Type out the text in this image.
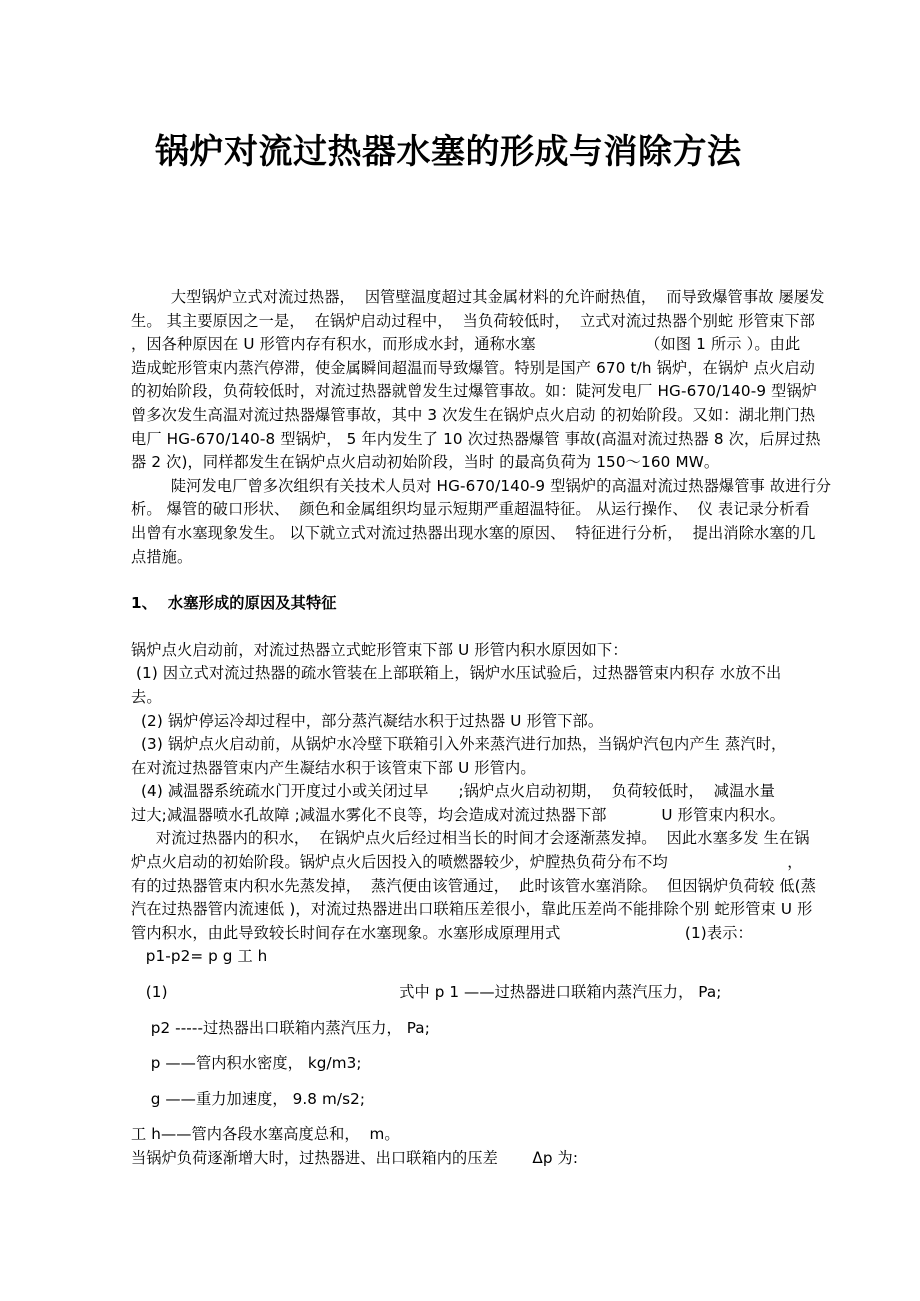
锅炉对流过热器水塞的形成与消除方法
大型锅炉立式对流过热器，  因管壁温度超过其金属材料的允许耐热值，  而导致爆管事故 屡屡发
生。 其主要原因之一是，  在锅炉启动过程中，  当负荷较低时，  立式对流过热器个别蛇 形管束下部
，因各种原因在 U 形管内存有积水，而形成水封，通称水塞                      （如图 1 所示 ）。由此
造成蛇形管束内蒸汽停滞，使金属瞬间超温而导致爆管。特别是国产 670 t/h 锅炉，在锅炉 点火启动
的初始阶段，负荷较低时，对流过热器就曾发生过爆管事故。如：陡河发电厂 HG-670/140-9 型锅炉
曾多次发生高温对流过热器爆管事故，其中 3 次发生在锅炉点火启动 的初始阶段。又如：湖北荆门热
电厂 HG-670/140-8 型锅炉， 5 年内发生了 10 次过热器爆管 事故(高温对流过热器 8 次，后屏过热
器 2 次)，同样都发生在锅炉点火启动初始阶段，当时 的最高负荷为 150〜160 MW。
陡河发电厂曾多次组织有关技术人员对 HG-670/140-9 型锅炉的高温对流过热器爆管事 故进行分
析。 爆管的破口形状、  颜色和金属组织均显示短期严重超温特征。 从运行操作、  仪 表记录分析看
出曾有水塞现象发生。 以下就立式对流过热器出现水塞的原因、  特征进行分析，  提出消除水塞的几
点措施。
1、  水塞形成的原因及其特征
锅炉点火启动前，对流过热器立式蛇形管束下部 U 形管内积水原因如下：
(1) 因立式对流过热器的疏水管装在上部联箱上，锅炉水压试验后，过热器管束内积存 水放不出
去。
(2) 锅炉停运冷却过程中，部分蒸汽凝结水积于过热器 U 形管下部。
(3) 锅炉点火启动前，从锅炉水冷壁下联箱引入外来蒸汽进行加热，当锅炉汽包内产生 蒸汽时，
在对流过热器管束内产生凝结水积于该管束下部 U 形管内。
(4) 减温器系统疏水门开度过小或关闭过早      ;锅炉点火启动初期，  负荷较低时，  减温水量
过大;减温器喷水孔故障 ;减温水雾化不良等，均会造成对流过热器下部           U 形管束内积水。
对流过热器内的积水，  在锅炉点火后经过相当长的时间才会逐渐蒸发掉。  因此水塞多发 生在锅
炉点火启动的初始阶段。锅炉点火后因投入的喷燃器较少，炉膛热负荷分布不均                        ，
有的过热器管束内积水先蒸发掉，  蒸汽便由该管通过，  此时该管水塞消除。  但因锅炉负荷较 低(蒸
汽在过热器管内流速低 )，对流过热器进出口联箱压差很小，靠此压差尚不能排除个别 蛇形管束 U 形
管内积水，由此导致较长时间存在水塞现象。水塞形成原理用式                         (1)表示：
p1-p2= p g 工 h
(1)                                               式中 p 1 ——过热器进口联箱内蒸汽压力， Pa;
p2 -----过热器出口联箱内蒸汽压力， Pa;
p ——管内积水密度， kg/m3;
g ——重力加速度， 9.8 m/s2;
工 h——管内各段水塞高度总和，  m。
当锅炉负荷逐渐增大时，过热器进、出口联箱内的压差       ᐃp 为:
